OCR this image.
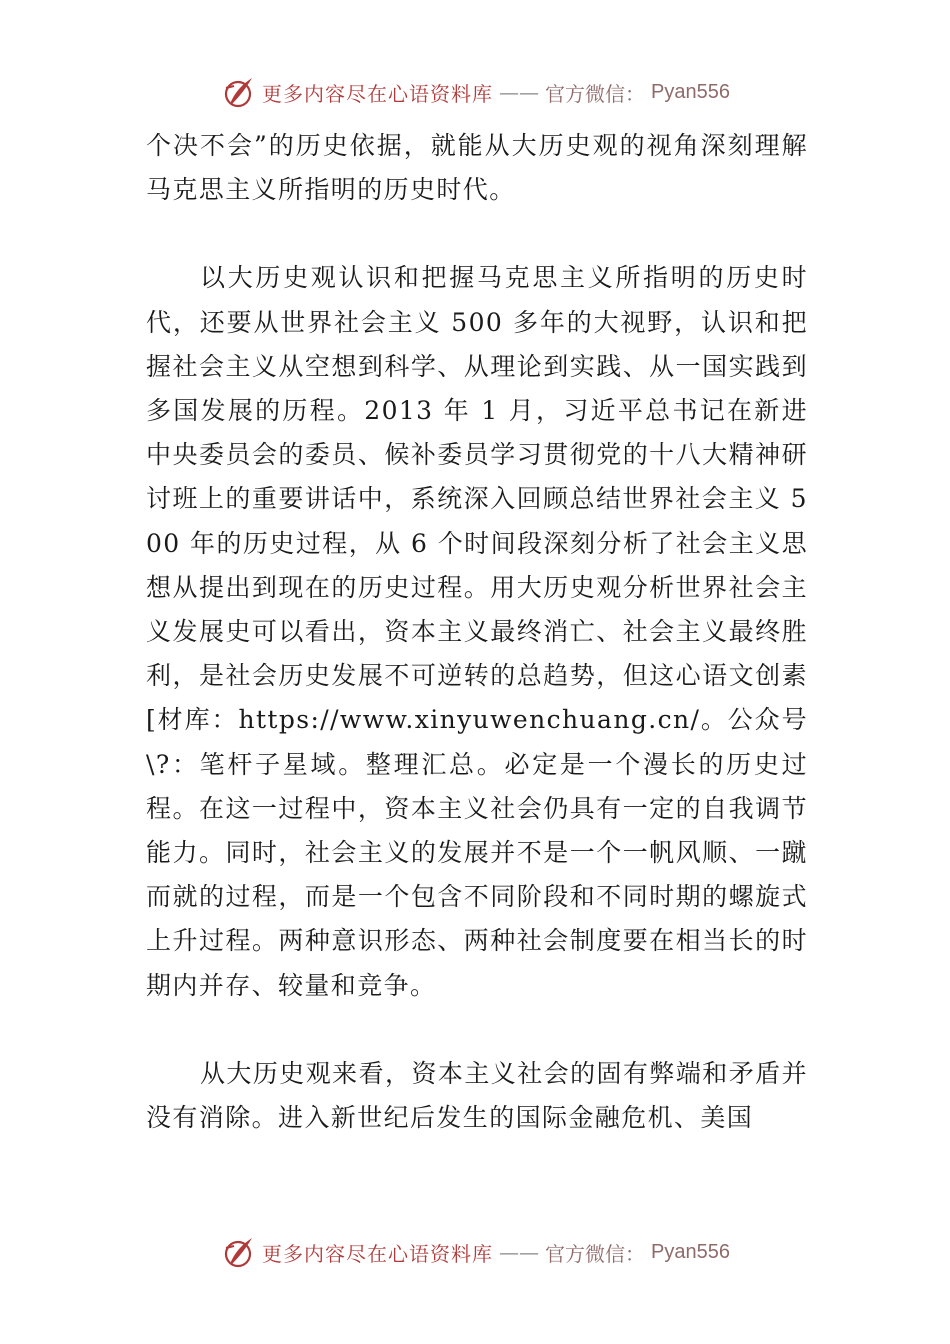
更多内容尽在心语资料库 —— 官方微信： Pyan556

个决不会”的历史依据，就能从大历史观的视角深刻理解马克思主义所指明的历史时代。

以大历史观认识和把握马克思主义所指明的历史时代，还要从世界社会主义 500 多年的大视野，认识和把握社会主义从空想到科学、从理论到实践、从一国实践到多国发展的历程。2013 年 1 月，习近平总书记在新进中央委员会的委员、候补委员学习贯彻党的十八大精神研讨班上的重要讲话中，系统深入回顾总结世界社会主义 500 年的历史过程，从 6 个时间段深刻分析了社会主义思想从提出到现在的历史过程。用大历史观分析世界社会主义发展史可以看出，资本主义最终消亡、社会主义最终胜利，是社会历史发展不可逆转的总趋势，但这心语文创素[材库：https://www.xinyuwenchuang.cn/。公众号\?：笔杆子星域。整理汇总。必定是一个漫长的历史过程。在这一过程中，资本主义社会仍具有一定的自我调节能力。同时，社会主义的发展并不是一个一帆风顺、一蹴而就的过程，而是一个包含不同阶段和不同时期的螺旋式上升过程。两种意识形态、两种社会制度要在相当长的时期内并存、较量和竞争。

从大历史观来看，资本主义社会的固有弊端和矛盾并没有消除。进入新世纪后发生的国际金融危机、美国

更多内容尽在心语资料库 —— 官方微信： Pyan556
